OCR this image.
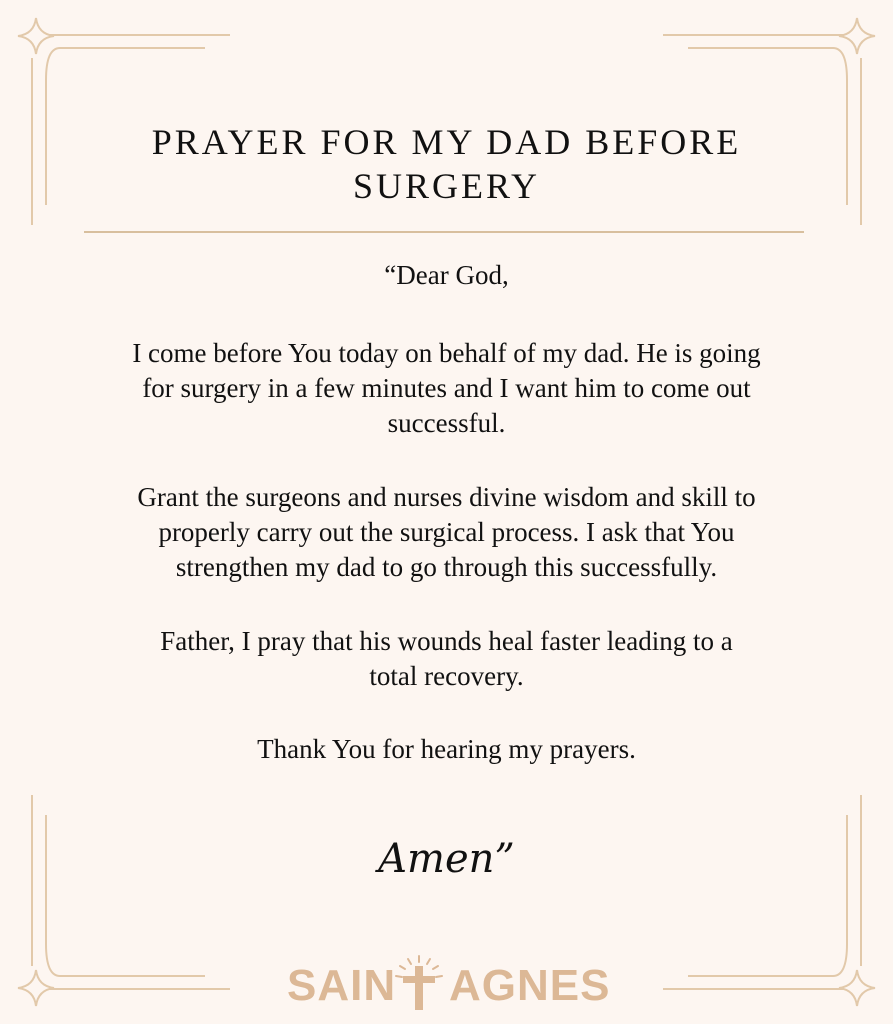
PRAYER FOR MY DAD BEFORE
SURGERY
“Dear God,
I come before You today on behalf of my dad. He is going
for surgery in a few minutes and I want him to come out
successful.
Grant the surgeons and nurses divine wisdom and skill to
properly carry out the surgical process. I ask that You
strengthen my dad to go through this successfully.
Father, I pray that his wounds heal faster leading to a
total recovery.
Thank You for hearing my prayers.
Amen”
SAIN AGNES
